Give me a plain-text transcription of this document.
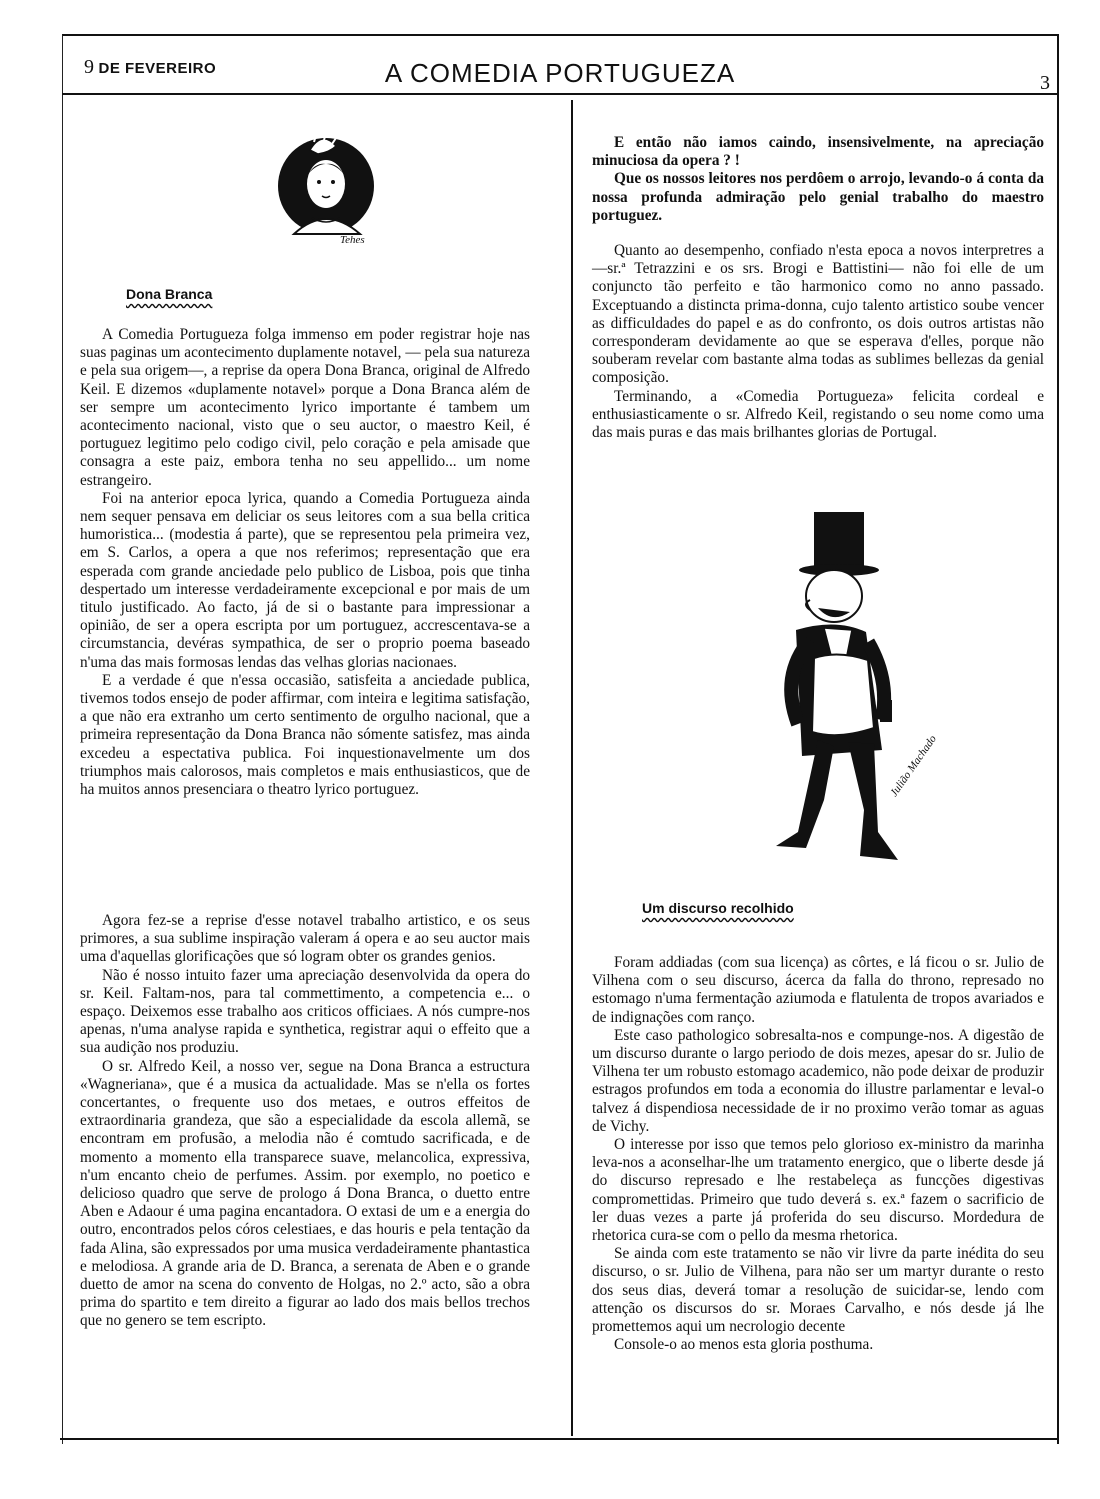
9 DE FEVEREIRO	A COMEDIA PORTUGUEZA	3
Tehes
Dona Branca

A Comedia Portugueza folga immenso em poder registrar hoje nas suas paginas um acontecimento duplamente notavel, — pela sua natureza e pela sua origem—, a reprise da opera Dona Branca, original de Alfredo Keil. E dizemos «duplamente notavel» porque a Dona Branca além de ser sempre um acontecimento lyrico importante é tambem um acontecimento nacional, visto que o seu auctor, o maestro Keil, é portuguez legitimo pelo codigo civil, pelo coração e pela amisade que consagra a este paiz, embora tenha no seu appellido... um nome estrangeiro.

Foi na anterior epoca lyrica, quando a Comedia Portugueza ainda nem sequer pensava em deliciar os seus leitores com a sua bella critica humoristica... (modestia á parte), que se representou pela primeira vez, em S. Carlos, a opera a que nos referimos; representação que era esperada com grande anciedade pelo publico de Lisboa, pois que tinha despertado um interesse verdadeiramente excepcional e por mais de um titulo justificado. Ao facto, já de si o bastante para impressionar a opinião, de ser a opera escripta por um portuguez, accrescentava-se a circumstancia, devéras sympathica, de ser o proprio poema baseado n'uma das mais formosas lendas das velhas glorias nacionaes.

E a verdade é que n'essa occasião, satisfeita a anciedade publica, tivemos todos ensejo de poder affirmar, com inteira e legitima satisfação, a que não era extranho um certo sentimento de orgulho nacional, que a primeira representação da Dona Branca não sómente satisfez, mas ainda excedeu a espectativa publica. Foi inquestionavelmente um dos triumphos mais calorosos, mais completos e mais enthusiasticos, que de ha muitos annos presenciara o theatro lyrico portuguez.

Agora fez-se a reprise d'esse notavel trabalho artistico, e os seus primores, a sua sublime inspiração valeram á opera e ao seu auctor mais uma d'aquellas glorificações que só logram obter os grandes genios.

Não é nosso intuito fazer uma apreciação desenvolvida da opera do sr. Keil. Faltam-nos, para tal commettimento, a competencia e... o espaço. Deixemos esse trabalho aos criticos officiaes. A nós cumpre-nos apenas, n'uma analyse rapida e synthetica, registrar aqui o effeito que a sua audição nos produziu.

O sr. Alfredo Keil, a nosso ver, segue na Dona Branca a estructura «Wagneriana», que é a musica da actualidade. Mas se n'ella os fortes concertantes, o frequente uso dos metaes, e outros effeitos de extraordinaria grandeza, que são a especialidade da escola allemã, se encontram em profusão, a melodia não é comtudo sacrificada, e de momento a momento ella transparece suave, melancolica, expressiva, n'um encanto cheio de perfumes. Assim. por exemplo, no poetico e delicioso quadro que serve de prologo á Dona Branca, o duetto entre Aben e Adaour é uma pagina encantadora. O extasi de um e a energia do outro, encontrados pelos córos celestiaes, e das houris e pela tentação da fada Alina, são expressados por uma musica verdadeiramente phantastica e melodiosa. A grande aria de D. Branca, a serenata de Aben e o grande duetto de amor na scena do convento de Holgas, no 2.º acto, são a obra prima do spartito e tem direito a figurar ao lado dos mais bellos trechos que no genero se tem escripto.

E então não iamos caindo, insensivelmente, na apreciação minuciosa da opera ? !

Que os nossos leitores nos perdôem o arrojo, levando-o á conta da nossa profunda admiração pelo genial trabalho do maestro portuguez.

Quanto ao desempenho, confiado n'esta epoca a novos interpretres a—sr.ª Tetrazzini e os srs. Brogi e Battistini— não foi elle de um conjuncto tão perfeito e tão harmonico como no anno passado. Exceptuando a distincta prima-donna, cujo talento artistico soube vencer as difficuldades do papel e as do confronto, os dois outros artistas não corresponderam devidamente ao que se esperava d'elles, porque não souberam revelar com bastante alma todas as sublimes bellezas da genial composição.

Terminando, a «Comedia Portugueza» felicita cordeal e enthusiasticamente o sr. Alfredo Keil, registando o seu nome como uma das mais puras e das mais brilhantes glorias de Portugal.

Julião Machado
Um discurso recolhido

Foram addiadas (com sua licença) as côrtes, e lá ficou o sr. Julio de Vilhena com o seu discurso, ácerca da falla do throno, represado no estomago n'uma fermentação aziumoda e flatulenta de tropos avariados e de indignações com ranço.

Este caso pathologico sobresalta-nos e compunge-nos. A digestão de um discurso durante o largo periodo de dois mezes, apesar do sr. Julio de Vilhena ter um robusto estomago academico, não pode deixar de produzir estragos profundos em toda a economia do illustre parlamentar e leval-o talvez á dispendiosa necessidade de ir no proximo verão tomar as aguas de Vichy.

O interesse por isso que temos pelo glorioso ex-ministro da marinha leva-nos a aconselhar-lhe um tratamento energico, que o liberte desde já do discurso represado e lhe restabeleça as funcções digestivas compromettidas. Primeiro que tudo deverá s. ex.ª fazem o sacrificio de ler duas vezes a parte já proferida do seu discurso. Mordedura de rhetorica cura-se com o pello da mesma rhetorica.

Se ainda com este tratamento se não vir livre da parte inédita do seu discurso, o sr. Julio de Vilhena, para não ser um martyr durante o resto dos seus dias, deverá tomar a resolução de suicidar-se, lendo com attenção os discursos do sr. Moraes Carvalho, e nós desde já lhe promettemos aqui um necrologio decente

Console-o ao menos esta gloria posthuma.
